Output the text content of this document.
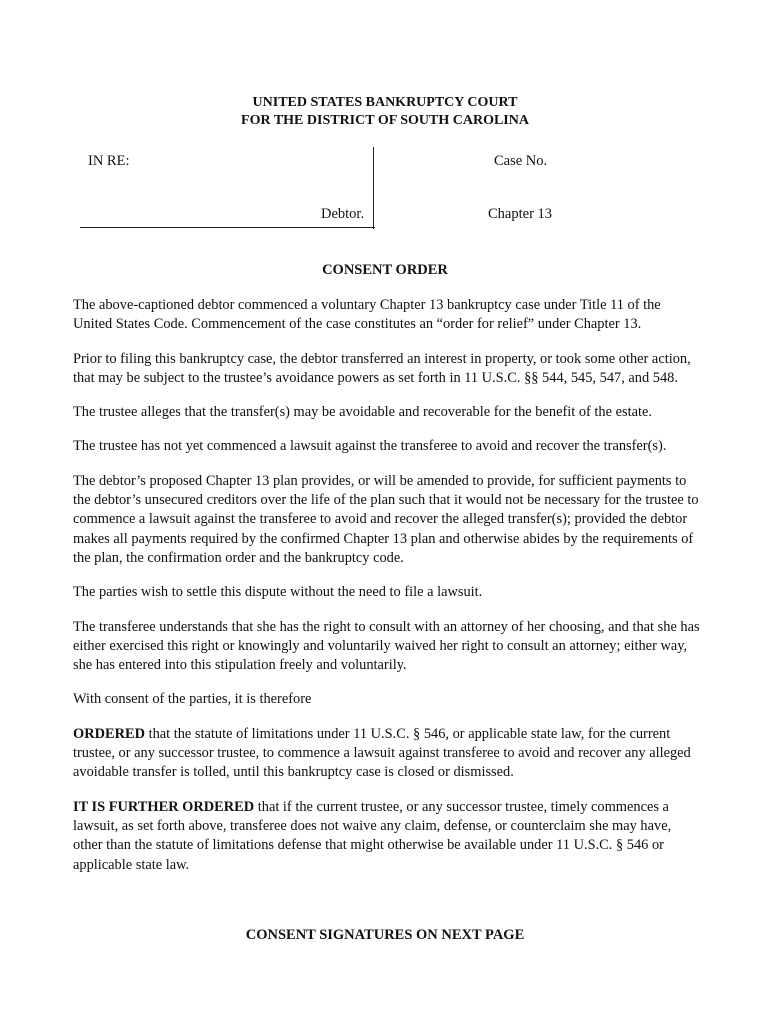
UNITED STATES BANKRUPTCY COURT
FOR THE DISTRICT OF SOUTH CAROLINA
IN RE:
Debtor.
Case No.
Chapter 13
CONSENT ORDER

The above-captioned debtor commenced a voluntary Chapter 13 bankruptcy case under Title 11 of the United States Code. Commencement of the case constitutes an “order for relief” under Chapter 13.

Prior to filing this bankruptcy case, the debtor transferred an interest in property, or took some other action, that may be subject to the trustee’s avoidance powers as set forth in 11 U.S.C. §§ 544, 545, 547, and 548.

The trustee alleges that the transfer(s) may be avoidable and recoverable for the benefit of the estate.

The trustee has not yet commenced a lawsuit against the transferee to avoid and recover the transfer(s).

The debtor’s proposed Chapter 13 plan provides, or will be amended to provide, for sufficient payments to the debtor’s unsecured creditors over the life of the plan such that it would not be necessary for the trustee to commence a lawsuit against the transferee to avoid and recover the alleged transfer(s); provided the debtor makes all payments required by the confirmed Chapter 13 plan and otherwise abides by the requirements of the plan, the confirmation order and the bankruptcy code.

The parties wish to settle this dispute without the need to file a lawsuit.

The transferee understands that she has the right to consult with an attorney of her choosing, and that she has either exercised this right or knowingly and voluntarily waived her right to consult an attorney; either way, she has entered into this stipulation freely and voluntarily.

With consent of the parties, it is therefore

ORDERED that the statute of limitations under 11 U.S.C. § 546, or applicable state law, for the current trustee, or any successor trustee, to commence a lawsuit against transferee to avoid and recover any alleged avoidable transfer is tolled, until this bankruptcy case is closed or dismissed.

IT IS FURTHER ORDERED that if the current trustee, or any successor trustee, timely commences a lawsuit, as set forth above, transferee does not waive any claim, defense, or counterclaim she may have, other than the statute of limitations defense that might otherwise be available under 11 U.S.C. § 546 or applicable state law.

CONSENT SIGNATURES ON NEXT PAGE
